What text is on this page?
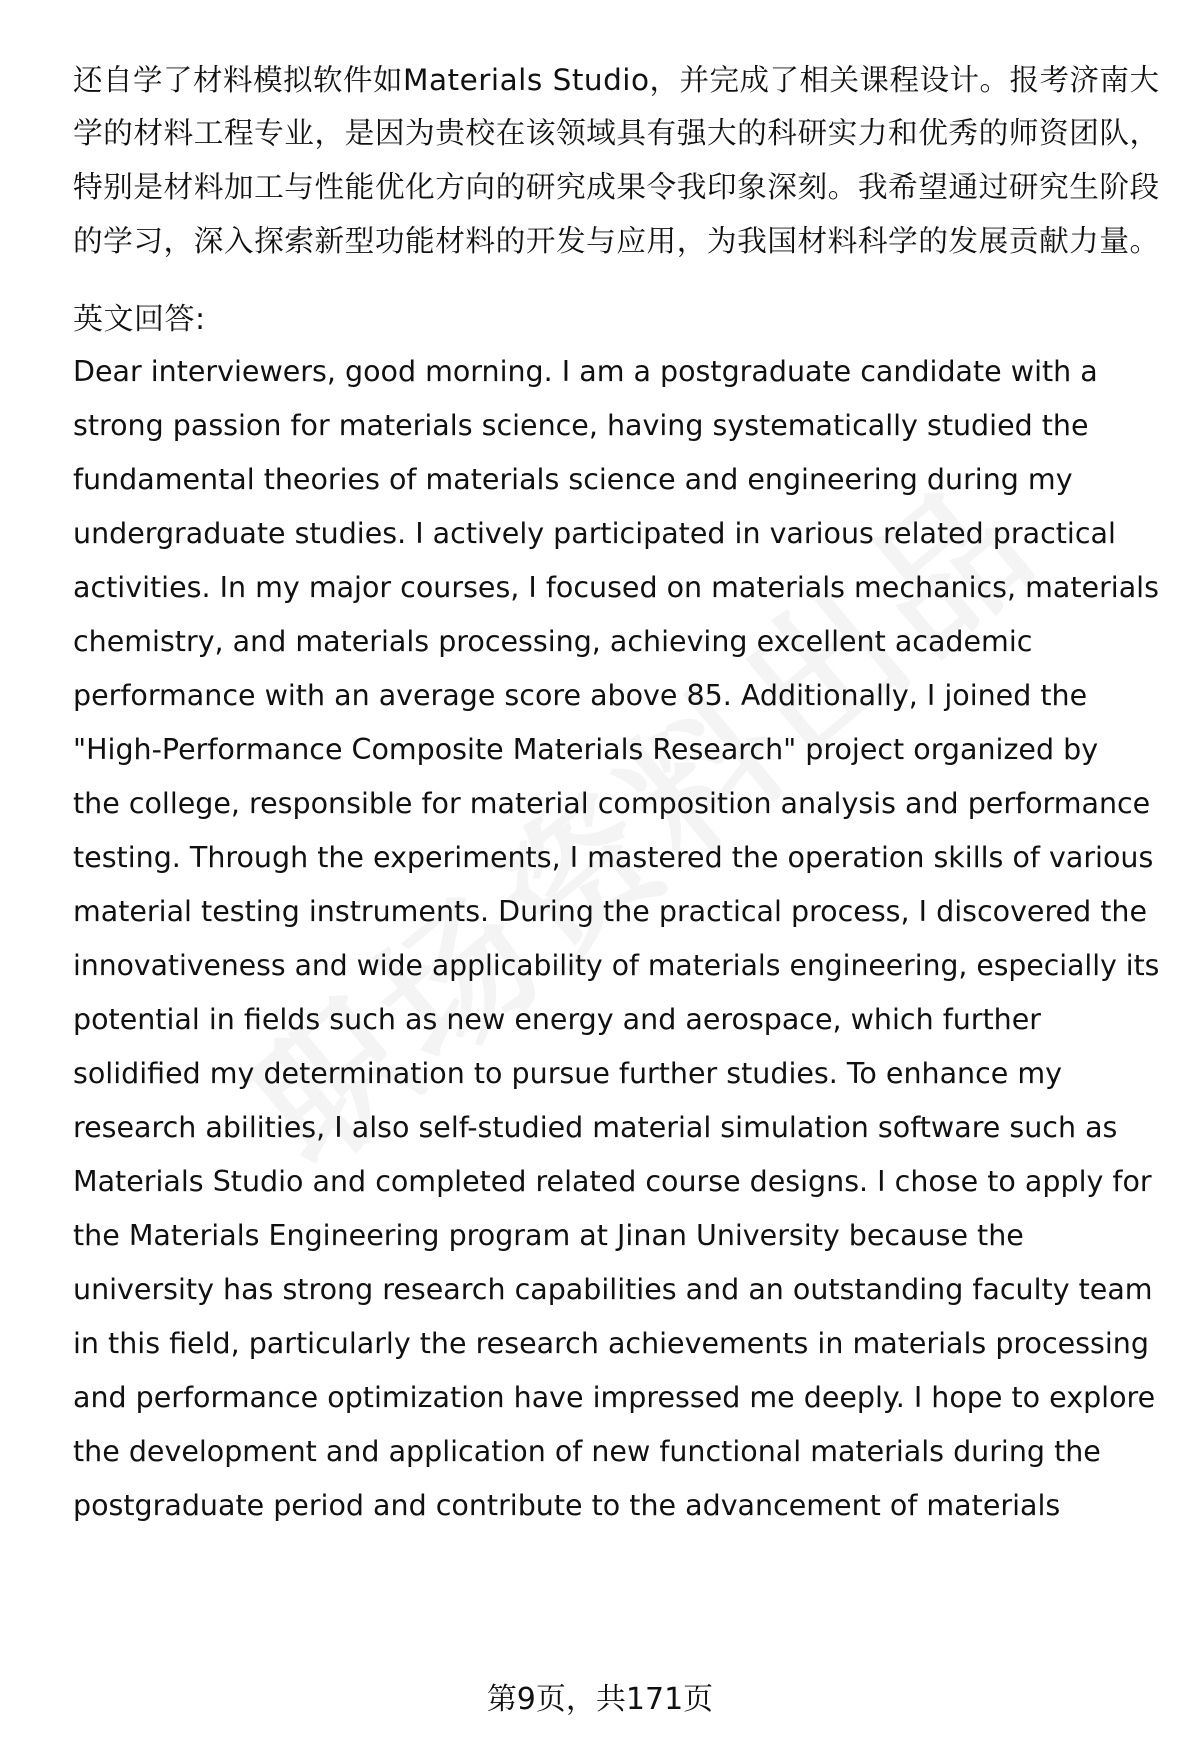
还自学了材料模拟软件如Materials Studio，并完成了相关课程设计。报考济南大
学的材料工程专业，是因为贵校在该领域具有强大的科研实力和优秀的师资团队，
特别是材料加工与性能优化方向的研究成果令我印象深刻。我希望通过研究生阶段
的学习，深入探索新型功能材料的开发与应用，为我国材料科学的发展贡献力量。
英文回答:
Dear interviewers, good morning. I am a postgraduate candidate with a
strong passion for materials science, having systematically studied the
fundamental theories of materials science and engineering during my
undergraduate studies. I actively participated in various related practical
activities. In my major courses, I focused on materials mechanics, materials
chemistry, and materials processing, achieving excellent academic
performance with an average score above 85. Additionally, I joined the
"High-Performance Composite Materials Research" project organized by
the college, responsible for material composition analysis and performance
testing. Through the experiments, I mastered the operation skills of various
material testing instruments. During the practical process, I discovered the
innovativeness and wide applicability of materials engineering, especially its
potential in fields such as new energy and aerospace, which further
solidified my determination to pursue further studies. To enhance my
research abilities, I also self-studied material simulation software such as
Materials Studio and completed related course designs. I chose to apply for
the Materials Engineering program at Jinan University because the
university has strong research capabilities and an outstanding faculty team
in this field, particularly the research achievements in materials processing
and performance optimization have impressed me deeply. I hope to explore
the development and application of new functional materials during the
postgraduate period and contribute to the advancement of materials
第9页，共171页
